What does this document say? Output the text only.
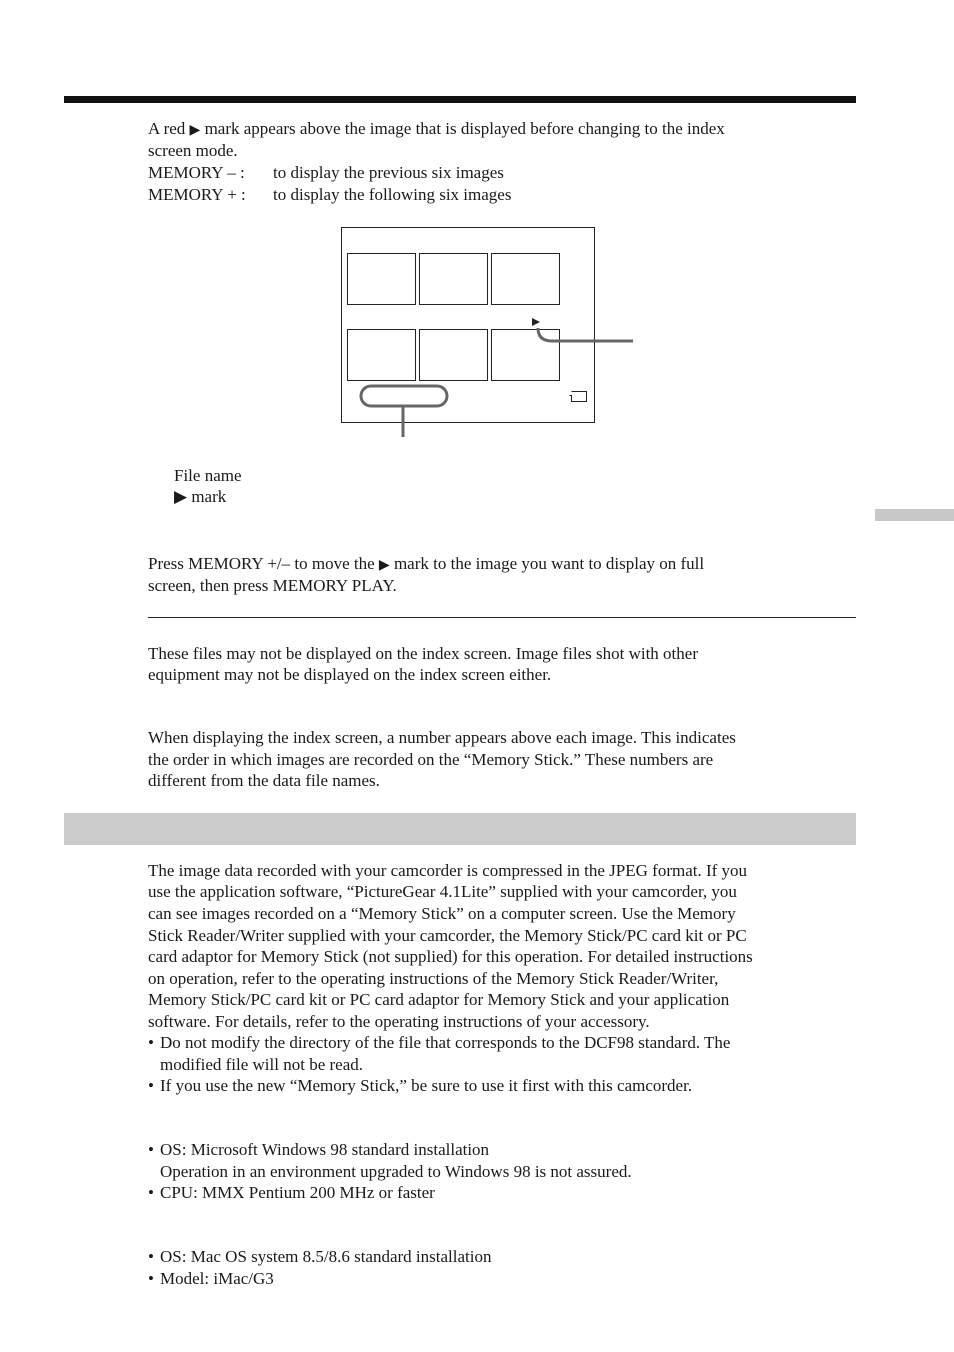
A red ▶ mark appears above the image that is displayed before changing to the index
screen mode.
MEMORY – : to display the previous six images
MEMORY + : to display the following six images
File name
▶ mark
Press MEMORY +/– to move the ▶ mark to the image you want to display on full
screen, then press MEMORY PLAY.
These files may not be displayed on the index screen. Image files shot with other
equipment may not be displayed on the index screen either.
When displaying the index screen, a number appears above each image. This indicates
the order in which images are recorded on the “Memory Stick.” These numbers are
different from the data file names.
The image data recorded with your camcorder is compressed in the JPEG format. If you
use the application software, “PictureGear 4.1Lite” supplied with your camcorder, you
can see images recorded on a “Memory Stick” on a computer screen. Use the Memory
Stick Reader/Writer supplied with your camcorder, the Memory Stick/PC card kit or PC
card adaptor for Memory Stick (not supplied) for this operation. For detailed instructions
on operation, refer to the operating instructions of the Memory Stick Reader/Writer,
Memory Stick/PC card kit or PC card adaptor for Memory Stick and your application
software. For details, refer to the operating instructions of your accessory.
• Do not modify the directory of the file that corresponds to the DCF98 standard. The
modified file will not be read.
• If you use the new “Memory Stick,” be sure to use it first with this camcorder.
• OS: Microsoft Windows 98 standard installation
Operation in an environment upgraded to Windows 98 is not assured.
• CPU: MMX Pentium 200 MHz or faster
• OS: Mac OS system 8.5/8.6 standard installation
• Model: iMac/G3
